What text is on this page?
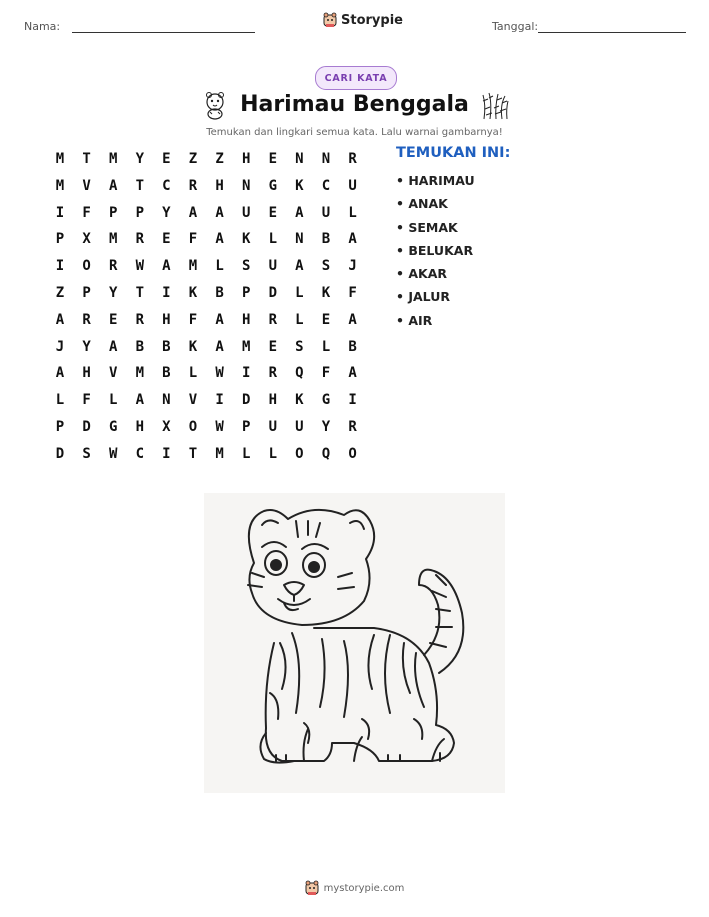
Nama:	Storypie	Tanggal:
CARI KATA
Harimau Benggala
Temukan dan lingkari semua kata. Lalu warnai gambarnya!
M	T	M	Y	E	Z	Z	H	E	N	N	R
M	V	A	T	C	R	H	N	G	K	C	U
I	F	P	P	Y	A	A	U	E	A	U	L
P	X	M	R	E	F	A	K	L	N	B	A
I	O	R	W	A	M	L	S	U	A	S	J
Z	P	Y	T	I	K	B	P	D	L	K	F
A	R	E	R	H	F	A	H	R	L	E	A
J	Y	A	B	B	K	A	M	E	S	L	B
A	H	V	M	B	L	W	I	R	Q	F	A
L	F	L	A	N	V	I	D	H	K	G	I
P	D	G	H	X	O	W	P	U	U	Y	R
D	S	W	C	I	T	M	L	L	O	Q	O
TEMUKAN INI:
• HARIMAU
• ANAK
• SEMAK
• BELUKAR
• AKAR
• JALUR
• AIR
mystorypie.com
